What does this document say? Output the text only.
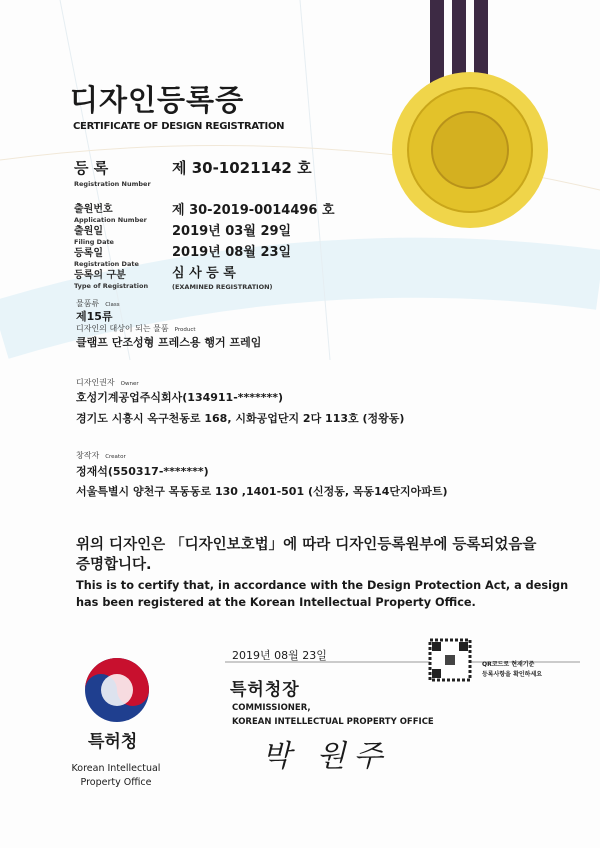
디자인등록증
CERTIFICATE OF DESIGN REGISTRATION
등 록
Registration Number
제 30-1021142 호
출원번호
Application Number
제 30-2019-0014496 호
출원일
Filing Date
2019년 03월 29일
등록일
Registration Date
2019년 08월 23일
등록의 구분
Type of Registration
심 사 등 록
(EXAMINED REGISTRATION)
물품류 Class
제15류
디자인의 대상이 되는 물품 Product
클램프 단조성형 프레스용 행거 프레임
디자인권자 Owner
호성기계공업주식회사(134911-*******)
경기도 시흥시 옥구천동로 168, 시화공업단지 2다 113호 (정왕동)
창작자 Creator
정재석(550317-*******)
서울특별시 양천구 목동동로 130 ,1401-501 (신정동, 목동14단지아파트)
위의 디자인은 「디자인보호법」에 따라 디자인등록원부에 등록되었음을
증명합니다.
This is to certify that, in accordance with the Design Protection Act, a design
has been registered at the Korean Intellectual Property Office.
2019년 08월 23일
QR코드로 현재기준
등록사항을 확인하세요
특허청장
COMMISSIONER,
KOREAN INTELLECTUAL PROPERTY OFFICE
박 원주
특허청
Korean Intellectual
Property Office
